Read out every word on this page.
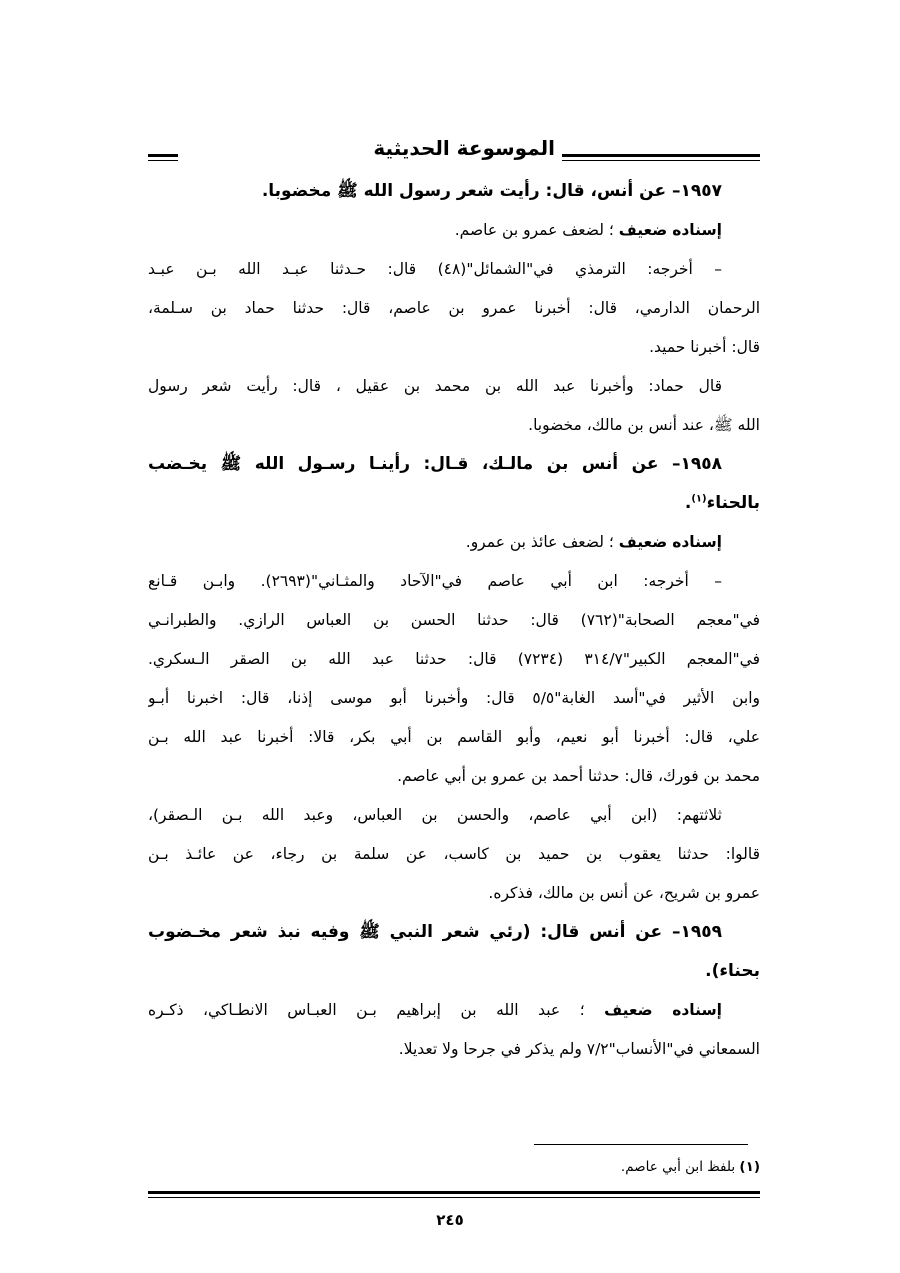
الموسوعة الحديثية
١٩٥٧– عن أنس، قال: رأيت شعر رسول الله ﷺ مخضوبا.
إسناده ضعيف ؛ لضعف عمرو بن عاصم.
– أخرجه: الترمذي في"الشمائل"(٤٨) قال: حـدثنا عبـد الله بـن عبـد
الرحمان الدارمي، قال: أخبرنا عمرو بن عاصم، قال: حدثنا حماد بن سـلمة،
قال: أخبرنا حميد.
قال حماد: وأخبرنا عبد الله بن محمد بن عقيل ، قال: رأيت شعر رسول
الله ﷺ، عند أنس بن مالك، مخضوبا.
١٩٥٨– عن أنس بن مالـك، قـال: رأينـا رسـول الله ﷺ يخـضب
بالحناء$^{(١)}$.
إسناده ضعيف ؛ لضعف عائذ بن عمرو.
– أخرجه: ابن أبي عاصم في"الآحاد والمثـاني"(٢٦٩٣). وابـن قـانع
في"معجم الصحابة"(٧٦٢) قال: حدثنا الحسن بن العباس الرازي. والطبرانـي
في"المعجم الكبير"٣١٤/٧ (٧٢٣٤) قال: حدثنا عبد الله بن الصقر الـسكري.
وابن الأثير في"أسد الغابة"٥/٥ قال: وأخبرنا أبو موسى إذنا، قال: اخبرنا أبـو
علي، قال: أخبرنا أبو نعيم، وأبو القاسم بن أبي بكر، قالا: أخبرنا عبد الله بـن
محمد بن فورك، قال: حدثنا أحمد بن عمرو بن أبي عاصم.
ثلاثتهم: (ابن أبي عاصم، والحسن بن العباس، وعبد الله بـن الـصقر)،
قالوا: حدثنا يعقوب بن حميد بن كاسب، عن سلمة بن رجاء، عن عائـذ بـن
عمرو بن شريح، عن أنس بن مالك، فذكره.
١٩٥٩– عن أنس قال: (رئي شعر النبي ﷺ وفيه نبذ شعر مخـضوب
بحناء).
إسناده ضعيف ؛ عبد الله بن إبراهيم بـن العبـاس الانطـاكي، ذكـره
السمعاني في"الأنساب"٧/٢ ولم يذكر في جرحا ولا تعديلا.
(١) بلفظ ابن أبي عاصم.
٢٤٥
